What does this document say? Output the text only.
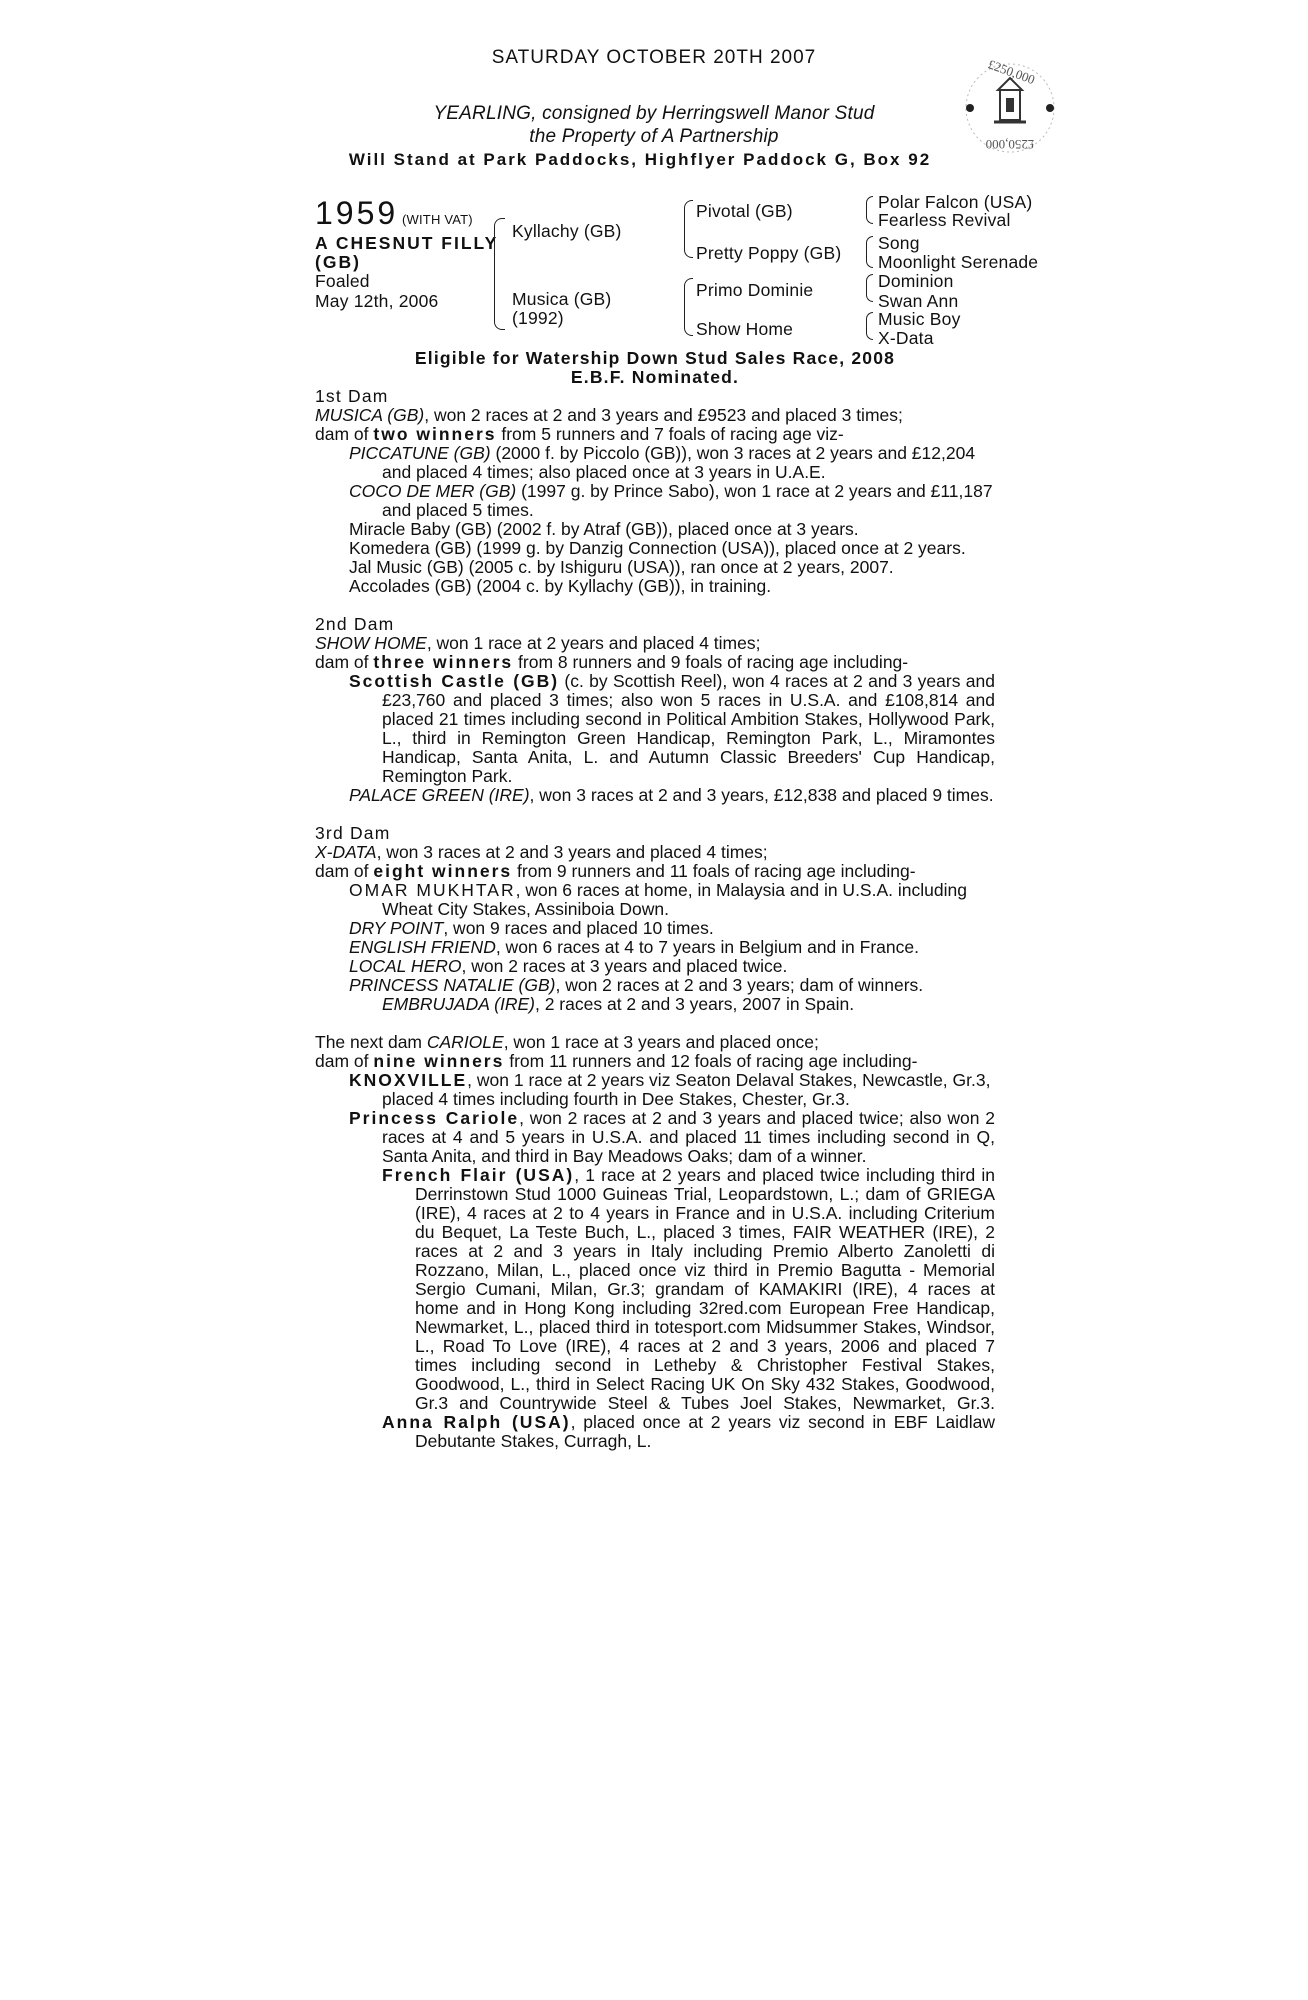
SATURDAY OCTOBER 20TH 2007
YEARLING, consigned by Herringswell Manor Stud
the Property of A Partnership
Will Stand at Park Paddocks, Highflyer Paddock G, Box 92
£250,000
£250,000
1959 (WITH VAT)
A CHESNUT FILLY
(GB)
Foaled
May 12th, 2006
Kyllachy (GB)
Musica (GB)
(1992)
Pivotal (GB)
Pretty Poppy (GB)
Primo Dominie
Show Home
Polar Falcon (USA)
Fearless Revival
Song
Moonlight Serenade
Dominion
Swan Ann
Music Boy
X-Data
Eligible for Watership Down Stud Sales Race, 2008
E.B.F. Nominated.
1st Dam
MUSICA (GB), won 2 races at 2 and 3 years and £9523 and placed 3 times;
dam of two winners from 5 runners and 7 foals of racing age viz-
PICCATUNE (GB) (2000 f. by Piccolo (GB)), won 3 races at 2 years and £12,204
and placed 4 times; also placed once at 3 years in U.A.E.
COCO DE MER (GB) (1997 g. by Prince Sabo), won 1 race at 2 years and £11,187
and placed 5 times.
Miracle Baby (GB) (2002 f. by Atraf (GB)), placed once at 3 years.
Komedera (GB) (1999 g. by Danzig Connection (USA)), placed once at 2 years.
Jal Music (GB) (2005 c. by Ishiguru (USA)), ran once at 2 years, 2007.
Accolades (GB) (2004 c. by Kyllachy (GB)), in training.
2nd Dam
SHOW HOME, won 1 race at 2 years and placed 4 times;
dam of three winners from 8 runners and 9 foals of racing age including-
Scottish Castle (GB) (c. by Scottish Reel), won 4 races at 2 and 3 years and
£23,760 and placed 3 times; also won 5 races in U.S.A. and £108,814 and
placed 21 times including second in Political Ambition Stakes, Hollywood Park,
L., third in Remington Green Handicap, Remington Park, L., Miramontes
Handicap, Santa Anita, L. and Autumn Classic Breeders' Cup Handicap,
Remington Park.
PALACE GREEN (IRE), won 3 races at 2 and 3 years, £12,838 and placed 9 times.
3rd Dam
X-DATA, won 3 races at 2 and 3 years and placed 4 times;
dam of eight winners from 9 runners and 11 foals of racing age including-
OMAR MUKHTAR, won 6 races at home, in Malaysia and in U.S.A. including
Wheat City Stakes, Assiniboia Down.
DRY POINT, won 9 races and placed 10 times.
ENGLISH FRIEND, won 6 races at 4 to 7 years in Belgium and in France.
LOCAL HERO, won 2 races at 3 years and placed twice.
PRINCESS NATALIE (GB), won 2 races at 2 and 3 years; dam of winners.
EMBRUJADA (IRE), 2 races at 2 and 3 years, 2007 in Spain.
The next dam CARIOLE, won 1 race at 3 years and placed once;
dam of nine winners from 11 runners and 12 foals of racing age including-
KNOXVILLE, won 1 race at 2 years viz Seaton Delaval Stakes, Newcastle, Gr.3,
placed 4 times including fourth in Dee Stakes, Chester, Gr.3.
Princess Cariole, won 2 races at 2 and 3 years and placed twice; also won 2
races at 4 and 5 years in U.S.A. and placed 11 times including second in Q,
Santa Anita, and third in Bay Meadows Oaks; dam of a winner.
French Flair (USA), 1 race at 2 years and placed twice including third in
Derrinstown Stud 1000 Guineas Trial, Leopardstown, L.; dam of GRIEGA
(IRE), 4 races at 2 to 4 years in France and in U.S.A. including Criterium
du Bequet, La Teste Buch, L., placed 3 times, FAIR WEATHER (IRE), 2
races at 2 and 3 years in Italy including Premio Alberto Zanoletti di
Rozzano, Milan, L., placed once viz third in Premio Bagutta - Memorial
Sergio Cumani, Milan, Gr.3; grandam of KAMAKIRI (IRE), 4 races at
home and in Hong Kong including 32red.com European Free Handicap,
Newmarket, L., placed third in totesport.com Midsummer Stakes, Windsor,
L., Road To Love (IRE), 4 races at 2 and 3 years, 2006 and placed 7
times including second in Letheby & Christopher Festival Stakes,
Goodwood, L., third in Select Racing UK On Sky 432 Stakes, Goodwood,
Gr.3 and Countrywide Steel & Tubes Joel Stakes, Newmarket, Gr.3.
Anna Ralph (USA), placed once at 2 years viz second in EBF Laidlaw
Debutante Stakes, Curragh, L.
